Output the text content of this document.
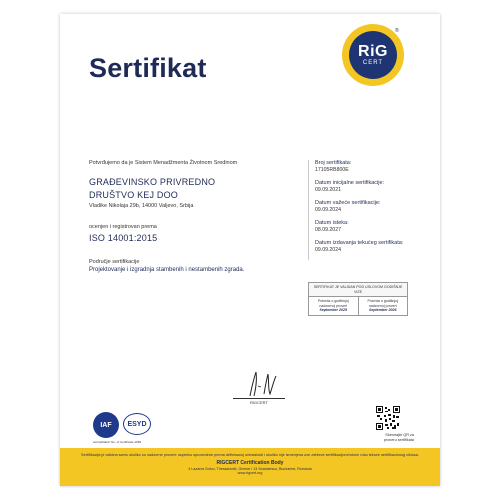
Sertifikat
RiG
CERT
®
Potvrđujemo da je Sistem Menadžmenta Životnom Sredinom
GRAĐEVINSKO PRIVREDNO
DRUŠTVO KEJ DOO
Vladike Nikolaja 29b, 14000 Valjevo, Srbija
ocenjen i registrovan prema
ISO 14001:2015
Područje sertifikacije
Projektovanje i izgradnja stambenih i nestambenih zgrada.
Broj sertifikata:
17105RB800E
Datum inicijalne sertifikacije:
09.09.2021
Datum važeće sertifikacije:
09.09.2024
Datum isteka:
08.09.2027
Datum izdavanja tekućeg sertifikata:
09.09.2024
SERTIFIKAT JE VALIDAN POD USLOVOM GODIŠNJE VIZE
Potvrda o godišnjoj nadzornoj proveri
September 2025
Potvrda o godišnjoj nadzornoj proveri
September 2026
RIGCERT
IAF	ESYD
Accreditation No. of Certificate 1069
Skenirajte QR za
proveru sertifikata
Sertifikacija je validna samo ukoliko su nadzorne provere uspešno sprovedene prema definisanoj učestalosti i ukoliko nije izmenjena ove zahteve sertifikacijom/rokom roka tekuće sertifikacionog ciklusa.
RIGCERT Certification Body
4 Lazaros Sofou, Thessaloniki, Greece / 13 Scarlatescu, Bucharest, Romania
www.rigcert.org
